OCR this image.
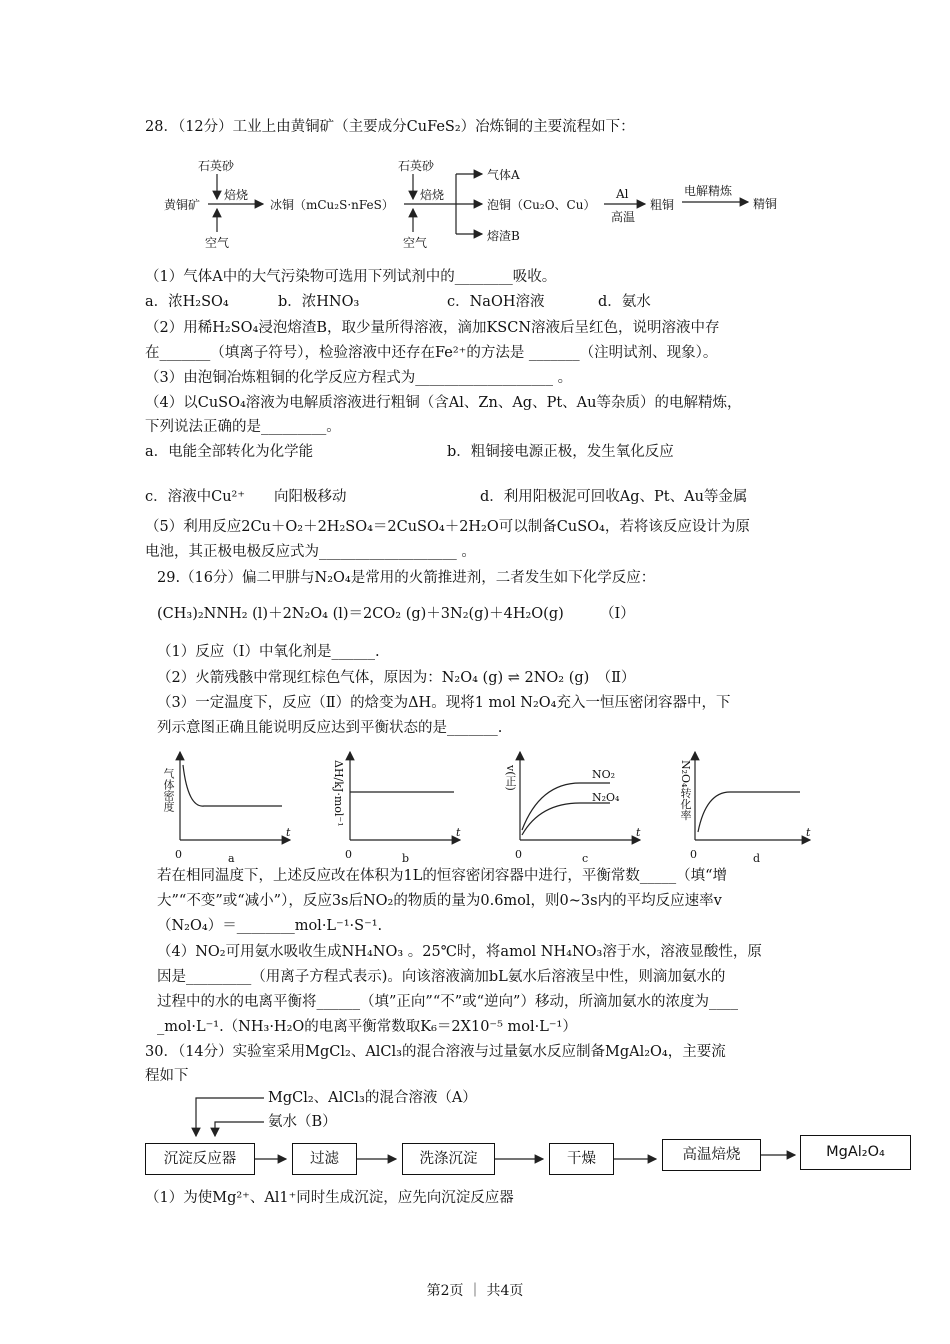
28．（12分）工业上由黄铜矿（主要成分CuFeS₂）冶炼铜的主要流程如下：
石英砂
黄铜矿
焙烧
空气
冰铜（mCu₂S·nFeS）
石英砂
焙烧
空气
气体A
泡铜（Cu₂O、Cu）
熔渣B
Al
高温
粗铜
电解精炼
精铜
（1）气体A中的大气污染物可选用下列试剂中的________吸收。
a．浓H₂SO₄	b．浓HNO₃	c．NaOH溶液	d．氨水
（2）用稀H₂SO₄浸泡熔渣B，取少量所得溶液，滴加KSCN溶液后呈红色，说明溶液中存
在_______（填离子符号），检验溶液中还存在Fe²⁺的方法是 _______（注明试剂、现象）。
（3）由泡铜冶炼粗铜的化学反应方程式为___________________ 。
（4）以CuSO₄溶液为电解质溶液进行粗铜（含Al、Zn、Ag、Pt、Au等杂质）的电解精炼，
下列说法正确的是_________。
a．电能全部转化为化学能	b．粗铜接电源正极，发生氧化反应
c．溶液中Cu²⁺　　向阳极移动	d．利用阳极泥可回收Ag、Pt、Au等金属
（5）利用反应2Cu＋O₂＋2H₂SO₄＝2CuSO₄＋2H₂O可以制备CuSO₄，若将该反应设计为原
电池，其正极电极反应式为___________________ 。
29.（16分）偏二甲肼与N₂O₄是常用的火箭推进剂，二者发生如下化学反应：
(CH₃)₂NNH₂ (l)＋2N₂O₄ (l)＝2CO₂ (g)＋3N₂(g)＋4H₂O(g)　　　（Ⅰ）
（1）反应（Ⅰ）中氧化剂是______.
（2）火箭残骸中常现红棕色气体，原因为：N₂O₄ (g) ⇌ 2NO₂ (g)　（Ⅱ）
（3）一定温度下，反应（Ⅱ）的焓变为ΔH。现将1 mol N₂O₄充入一恒压密闭容器中，下
列示意图正确且能说明反应达到平衡状态的是_______.
气体密度
0
t
a
ΔH/kJ·mol⁻¹
0
t
b
v(正)
0
t
c
NO₂
N₂O₄	N₂O₄转化率
0
t
d
若在相同温度下，上述反应改在体积为1L的恒容密闭容器中进行，平衡常数_____（填“增
大”“不变”或“减小”），反应3s后NO₂的物质的量为0.6mol，则0~3s内的平均反应速率v
（N₂O₄）＝________mol·L⁻¹·S⁻¹.
（4）NO₂可用氨水吸收生成NH₄NO₃ 。25℃时，将amol NH₄NO₃溶于水，溶液显酸性，原
因是_________（用离子方程式表示)。向该溶液滴加bL氨水后溶液呈中性，则滴加氨水的
过程中的水的电离平衡将______（填”正向”“不”或“逆向”）移动，所滴加氨水的浓度为____
_mol·L⁻¹.（NH₃·H₂O的电离平衡常数取K₆＝2X10⁻⁵ mol·L⁻¹）
30．（14分）实验室采用MgCl₂、AlCl₃的混合溶液与过量氨水反应制备MgAl₂O₄，主要流
程如下
MgCl₂、AlCl₃的混合溶液（A）
氨水（B）
沉淀反应器	过滤	洗涤沉淀	干燥	高温焙烧	MgAl₂O₄
（1）为使Mg²⁺、Al1⁺同时生成沉淀，应先向沉淀反应器
第2页 ｜ 共4页
